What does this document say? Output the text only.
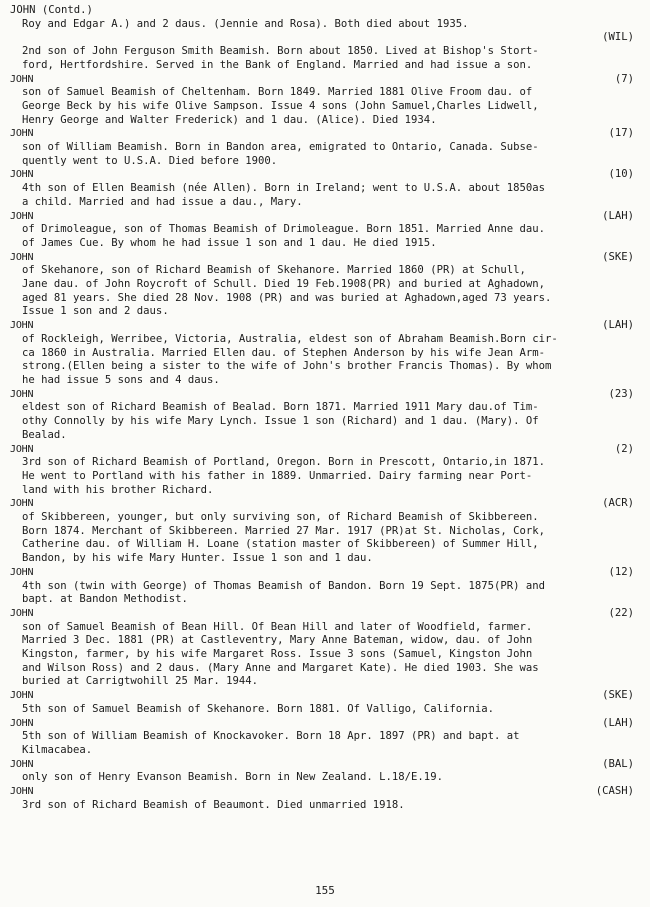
JOHN (Contd.)
Roy and Edgar A.) and 2 daus. (Jennie and Rosa). Both died about 1935.
(WIL)
2nd son of John Ferguson Smith Beamish. Born about 1850. Lived at Bishop's Stort-
ford, Hertfordshire. Served in the Bank of England. Married and had issue a son.
JOHN	(7)
son of Samuel Beamish of Cheltenham. Born 1849. Married 1881 Olive Froom dau. of
George Beck by his wife Olive Sampson. Issue 4 sons (John Samuel,Charles Lidwell,
Henry George and Walter Frederick) and 1 dau. (Alice). Died 1934.
JOHN	(17)
son of William Beamish. Born in Bandon area, emigrated to Ontario, Canada. Subse-
quently went to U.S.A. Died before 1900.
JOHN	(10)
4th son of Ellen Beamish (née Allen). Born in Ireland; went to U.S.A. about 1850as
a child. Married and had issue a dau., Mary.
JOHN	(LAH)
of Drimoleague, son of Thomas Beamish of Drimoleague. Born 1851. Married Anne dau.
of James Cue. By whom he had issue 1 son and 1 dau. He died 1915.
JOHN	(SKE)
of Skehanore, son of Richard Beamish of Skehanore. Married 1860 (PR) at Schull,
Jane dau. of John Roycroft of Schull. Died 19 Feb.1908(PR) and buried at Aghadown,
aged 81 years. She died 28 Nov. 1908 (PR) and was buried at Aghadown,aged 73 years.
Issue 1 son and 2 daus.
JOHN	(LAH)
of Rockleigh, Werribee, Victoria, Australia, eldest son of Abraham Beamish.Born cir-
ca 1860 in Australia. Married Ellen dau. of Stephen Anderson by his wife Jean Arm-
strong.(Ellen being a sister to the wife of John's brother Francis Thomas). By whom
he had issue 5 sons and 4 daus.
JOHN	(23)
eldest son of Richard Beamish of Bealad. Born 1871. Married 1911 Mary dau.of Tim-
othy Connolly by his wife Mary Lynch. Issue 1 son (Richard) and 1 dau. (Mary). Of
Bealad.
JOHN	(2)
3rd son of Richard Beamish of Portland, Oregon. Born in Prescott, Ontario,in 1871.
He went to Portland with his father in 1889. Unmarried. Dairy farming near Port-
land with his brother Richard.
JOHN	(ACR)
of Skibbereen, younger, but only surviving son, of Richard Beamish of Skibbereen.
Born 1874. Merchant of Skibbereen. Married 27 Mar. 1917 (PR)at St. Nicholas, Cork,
Catherine dau. of William H. Loane (station master of Skibbereen) of Summer Hill,
Bandon, by his wife Mary Hunter. Issue 1 son and 1 dau.
JOHN	(12)
4th son (twin with George) of Thomas Beamish of Bandon. Born 19 Sept. 1875(PR) and
bapt. at Bandon Methodist.
JOHN	(22)
son of Samuel Beamish of Bean Hill. Of Bean Hill and later of Woodfield, farmer.
Married 3 Dec. 1881 (PR) at Castleventry, Mary Anne Bateman, widow, dau. of John
Kingston, farmer, by his wife Margaret Ross. Issue 3 sons (Samuel, Kingston John
and Wilson Ross) and 2 daus. (Mary Anne and Margaret Kate). He died 1903. She was
buried at Carrigtwohill 25 Mar. 1944.
JOHN	(SKE)
5th son of Samuel Beamish of Skehanore. Born 1881. Of Valligo, California.
JOHN	(LAH)
5th son of William Beamish of Knockavoker. Born 18 Apr. 1897 (PR) and bapt. at
Kilmacabea.
JOHN	(BAL)
only son of Henry Evanson Beamish. Born in New Zealand. L.18/E.19.
JOHN	(CASH)
3rd son of Richard Beamish of Beaumont. Died unmarried 1918.
155
